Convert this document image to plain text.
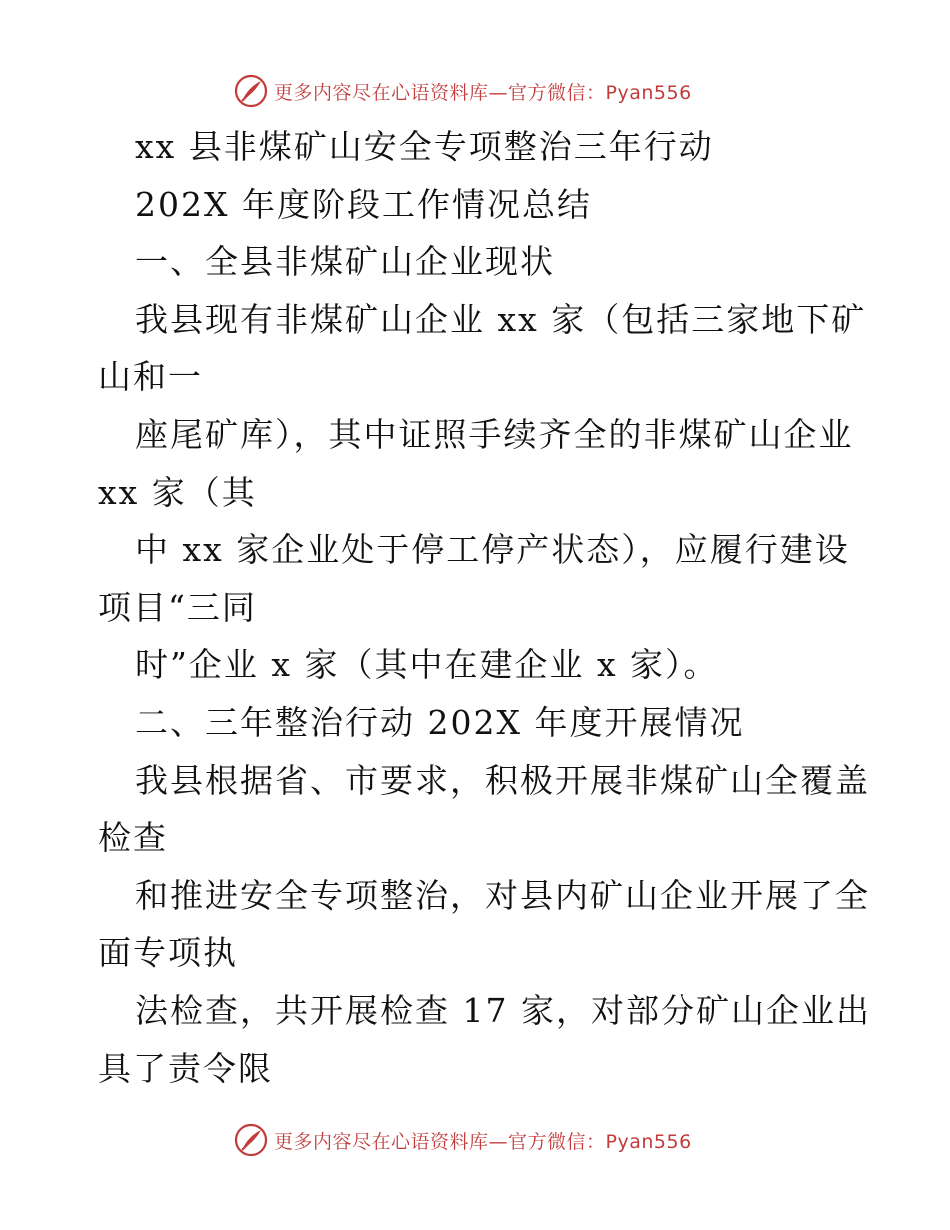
更多内容尽在心语资料库—官方微信：Pyan556
xx 县非煤矿山安全专项整治三年行动
202X 年度阶段工作情况总结
一、全县非煤矿山企业现状
我县现有非煤矿山企业 xx 家（包括三家地下矿
山和一
座尾矿库），其中证照手续齐全的非煤矿山企业
xx 家（其
中 xx 家企业处于停工停产状态），应履行建设
项目“三同
时”企业 x 家（其中在建企业 x 家）。
二、三年整治行动 202X 年度开展情况
我县根据省、市要求，积极开展非煤矿山全覆盖
检查
和推进安全专项整治，对县内矿山企业开展了全
面专项执
法检查，共开展检查 17 家，对部分矿山企业出
具了责令限
更多内容尽在心语资料库—官方微信：Pyan556
